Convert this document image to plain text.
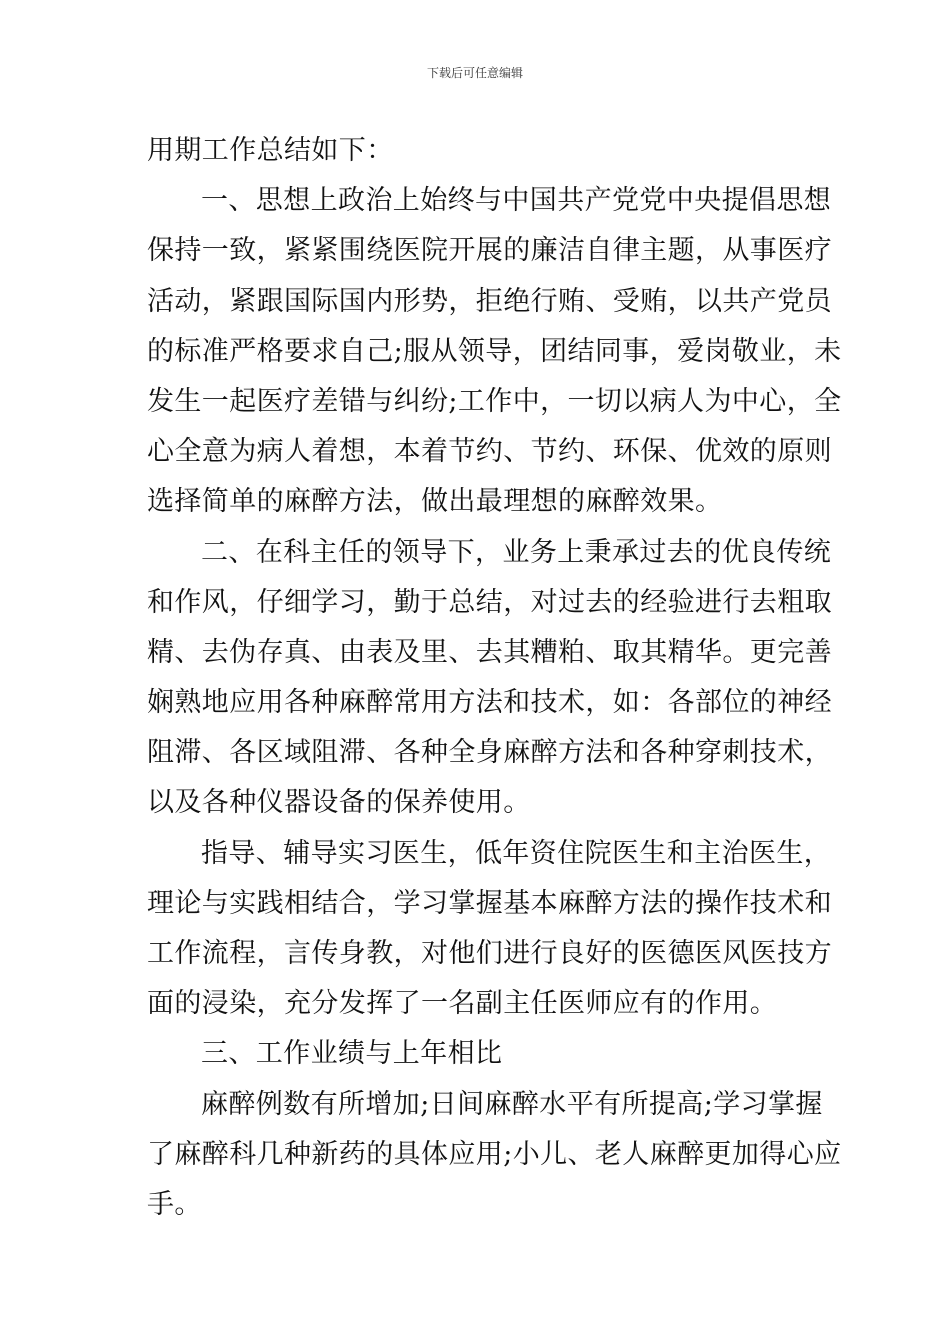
下载后可任意编辑
用期工作总结如下：
一、思想上政治上始终与中国共产党党中央提倡思想
保持一致，紧紧围绕医院开展的廉洁自律主题，从事医疗
活动，紧跟国际国内形势，拒绝行贿、受贿，以共产党员
的标准严格要求自己;服从领导，团结同事，爱岗敬业，未
发生一起医疗差错与纠纷;工作中，一切以病人为中心，全
心全意为病人着想，本着节约、节约、环保、优效的原则
选择简单的麻醉方法，做出最理想的麻醉效果。
二、在科主任的领导下，业务上秉承过去的优良传统
和作风，仔细学习，勤于总结，对过去的经验进行去粗取
精、去伪存真、由表及里、去其糟粕、取其精华。更完善
娴熟地应用各种麻醉常用方法和技术，如：各部位的神经
阻滞、各区域阻滞、各种全身麻醉方法和各种穿刺技术，
以及各种仪器设备的保养使用。
指导、辅导实习医生，低年资住院医生和主治医生，
理论与实践相结合，学习掌握基本麻醉方法的操作技术和
工作流程，言传身教，对他们进行良好的医德医风医技方
面的浸染，充分发挥了一名副主任医师应有的作用。
三、工作业绩与上年相比
麻醉例数有所增加;日间麻醉水平有所提高;学习掌握
了麻醉科几种新药的具体应用;小儿、老人麻醉更加得心应
手。
